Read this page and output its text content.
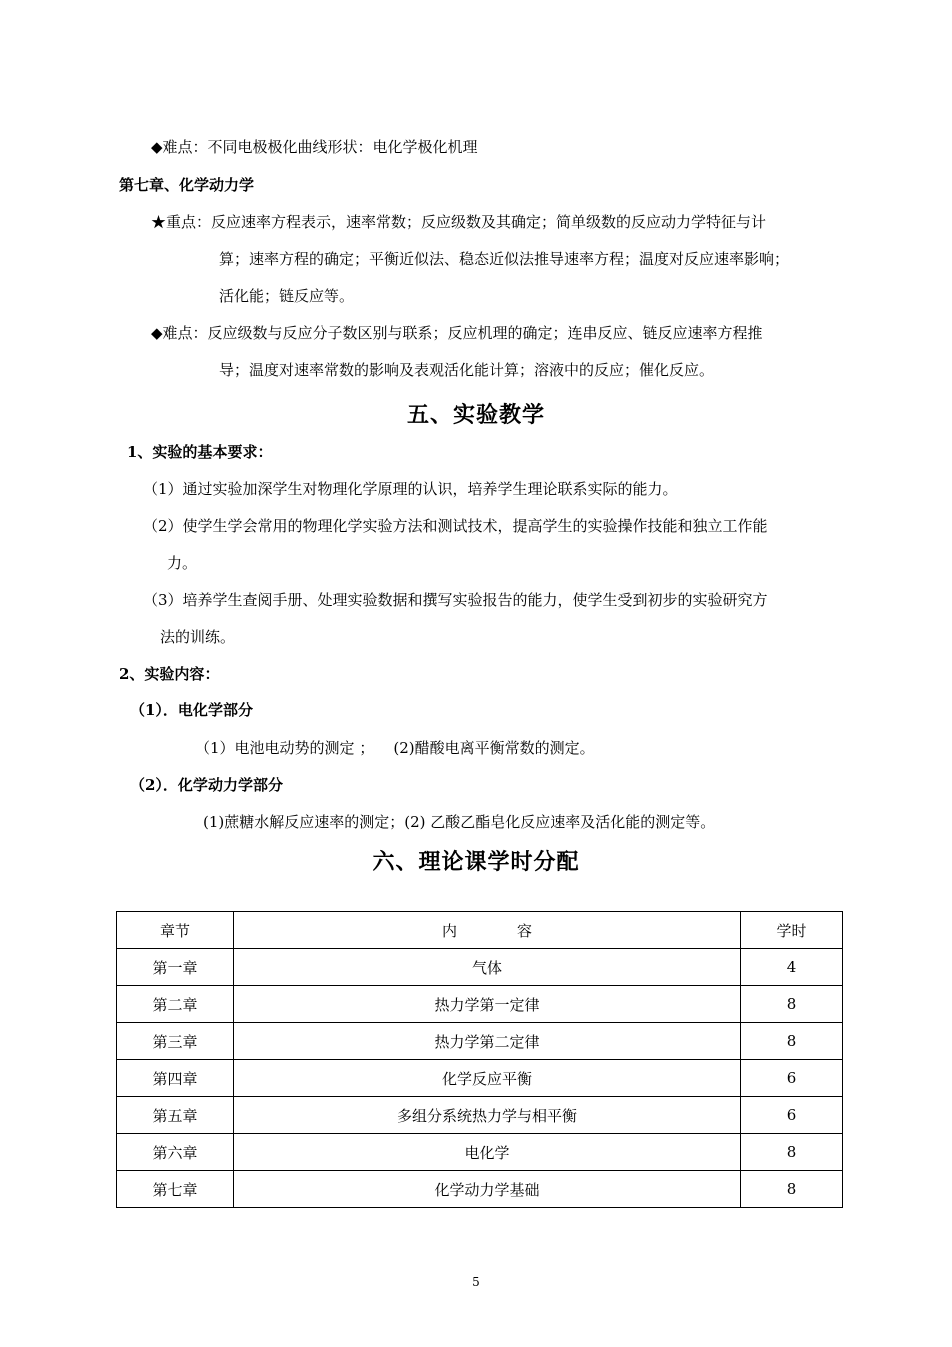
◆难点：不同电极极化曲线形状：电化学极化机理
第七章、化学动力学
★重点：反应速率方程表示，速率常数；反应级数及其确定；简单级数的反应动力学特征与计
算；速率方程的确定；平衡近似法、稳态近似法推导速率方程；温度对反应速率影响；
活化能；链反应等。
◆难点：反应级数与反应分子数区别与联系；反应机理的确定；连串反应、链反应速率方程推
导；温度对速率常数的影响及表观活化能计算；溶液中的反应；催化反应。
五、实验教学
1、实验的基本要求：
（1）通过实验加深学生对物理化学原理的认识，培养学生理论联系实际的能力。
（2）使学生学会常用的物理化学实验方法和测试技术，提高学生的实验操作技能和独立工作能
力。
（3）培养学生查阅手册、处理实验数据和撰写实验报告的能力，使学生受到初步的实验研究方
法的训练。
2、实验内容：
（1）．电化学部分
（1）电池电动势的测定 ；    (2)醋酸电离平衡常数的测定。
（2）．化学动力学部分
(1)蔗糖水解反应速率的测定；(2) 乙酸乙酯皂化反应速率及活化能的测定等。
六、理论课学时分配
章节	内　　　　容	学时
第一章	气体	4
第二章	热力学第一定律	8
第三章	热力学第二定律	8
第四章	化学反应平衡	6
第五章	多组分系统热力学与相平衡	6
第六章	电化学	8
第七章	化学动力学基础	8
5
